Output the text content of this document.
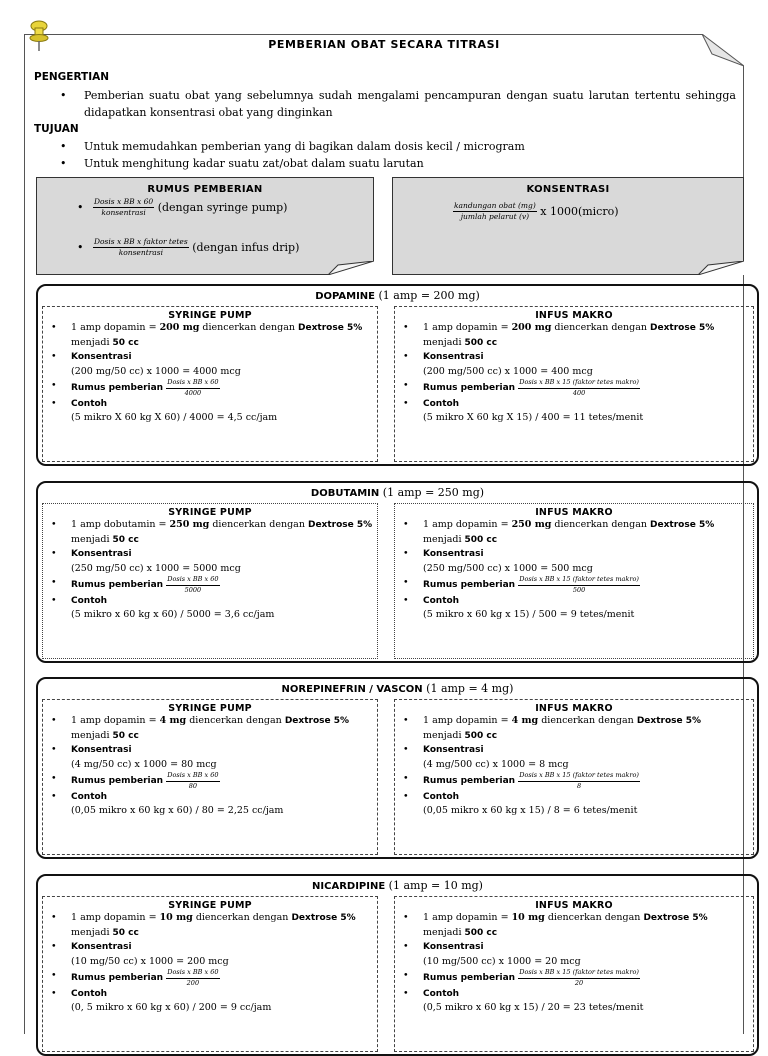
PEMBERIAN OBAT SECARA TITRASI
PENGERTIAN
• Pemberian suatu obat yang sebelumnya sudah mengalami pencampuran dengan suatu larutan tertentu sehingga didapatkan konsentrasi obat yang dinginkan
TUJUAN
• Untuk memudahkan pemberian yang di bagikan dalam dosis kecil / microgram
• Untuk menghitung kadar suatu zat/obat dalam suatu larutan
RUMUS PEMBERIAN
• $\frac{\text{Dosis x BB x 60}}{\text{konsentrasi}}$ (dengan syringe pump)
• $\frac{\text{Dosis x BB x faktor tetes}}{\text{konsentrasi}}$ (dengan infus drip)
KONSENTRASI
$\frac{\text{kandungan obat (mg)}}{\text{jumlah pelarut (v)}}$ x 1000(micro)
DOPAMINE (1 amp = 200 mg)
SYRINGE PUMP
• 1 amp dopamin = 200 mg diencerkan dengan Dextrose 5%
menjadi 50 cc
• Konsentrasi
(200 mg/50 cc) x 1000 = 4000 mcg
• Rumus pemberian $\frac{\text{Dosis x BB x 60}}{4000}$
• Contoh
(5 mikro X 60 kg X 60) / 4000 = 4,5 cc/jam
INFUS MAKRO
• 1 amp dopamin = 200 mg diencerkan dengan Dextrose 5%
menjadi 500 cc
• Konsentrasi
(200 mg/500 cc) x 1000 = 400 mcg
• Rumus pemberian $\frac{\text{Dosis x BB x 15 (faktor tetes makro)}}{400}$
• Contoh
(5 mikro X 60 kg X 15) / 400 = 11 tetes/menit
DOBUTAMIN (1 amp = 250 mg)
SYRINGE PUMP
• 1 amp dobutamin = 250 mg diencerkan dengan Dextrose 5%
menjadi 50 cc
• Konsentrasi
(250 mg/50 cc) x 1000 = 5000 mcg
• Rumus pemberian $\frac{\text{Dosis x BB x 60}}{5000}$
• Contoh
(5 mikro x 60 kg x 60) / 5000 = 3,6 cc/jam
INFUS MAKRO
• 1 amp dopamin = 250 mg diencerkan dengan Dextrose 5%
menjadi 500 cc
• Konsentrasi
(250 mg/500 cc) x 1000 = 500 mcg
• Rumus pemberian $\frac{\text{Dosis x BB x 15 (faktor tetes makro)}}{500}$
• Contoh
(5 mikro x 60 kg x 15) / 500 = 9 tetes/menit
NOREPINEFRIN / VASCON (1 amp = 4 mg)
SYRINGE PUMP
• 1 amp dopamin = 4 mg diencerkan dengan Dextrose 5%
menjadi 50 cc
• Konsentrasi
(4 mg/50 cc) x 1000 = 80 mcg
• Rumus pemberian $\frac{\text{Dosis x BB x 60}}{80}$
• Contoh
(0,05 mikro x 60 kg x 60) / 80 = 2,25 cc/jam
INFUS MAKRO
• 1 amp dopamin = 4 mg diencerkan dengan Dextrose 5%
menjadi 500 cc
• Konsentrasi
(4 mg/500 cc) x 1000 = 8 mcg
• Rumus pemberian $\frac{\text{Dosis x BB x 15 (faktor tetes makro)}}{8}$
• Contoh
(0,05 mikro x 60 kg x 15) / 8 = 6 tetes/menit
NICARDIPINE (1 amp = 10 mg)
SYRINGE PUMP
• 1 amp dopamin = 10 mg diencerkan dengan Dextrose 5%
menjadi 50 cc
• Konsentrasi
(10 mg/50 cc) x 1000 = 200 mcg
• Rumus pemberian $\frac{\text{Dosis x BB x 60}}{200}$
• Contoh
(0, 5 mikro x 60 kg x 60) / 200 = 9 cc/jam
INFUS MAKRO
• 1 amp dopamin = 10 mg diencerkan dengan Dextrose 5%
menjadi 500 cc
• Konsentrasi
(10 mg/500 cc) x 1000 = 20 mcg
• Rumus pemberian $\frac{\text{Dosis x BB x 15 (faktor tetes makro)}}{20}$
• Contoh
(0,5 mikro x 60 kg x 15) / 20 = 23 tetes/menit
